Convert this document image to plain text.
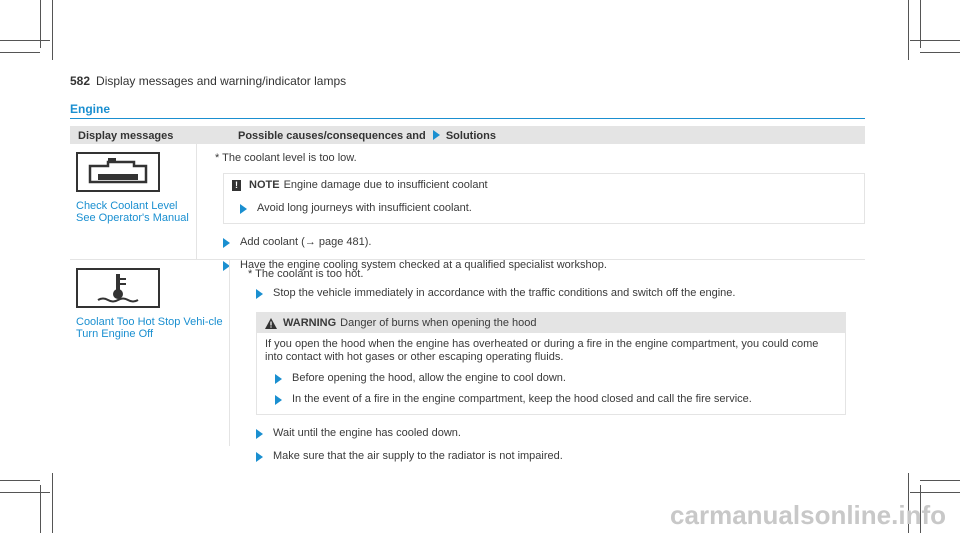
582 Display messages and warning/indicator lamps
Engine
Display messages	Possible causes/consequences and Solutions
Check Coolant Level See Operator's Manual
* The coolant level is too low.
! NOTE Engine damage due to insufficient coolant
Avoid long journeys with insufficient coolant.
Add coolant (→ page 481).
Have the engine cooling system checked at a qualified specialist workshop.
Coolant Too Hot Stop Vehi-cle Turn Engine Off
* The coolant is too hot.
Stop the vehicle immediately in accordance with the traffic conditions and switch off the engine.
WARNING Danger of burns when opening the hood
If you open the hood when the engine has overheated or during a fire in the engine compartment, you could come into contact with hot gases or other escaping operating fluids.
Before opening the hood, allow the engine to cool down.
In the event of a fire in the engine compartment, keep the hood closed and call the fire service.
Wait until the engine has cooled down.
Make sure that the air supply to the radiator is not impaired.
carmanualsonline.info
